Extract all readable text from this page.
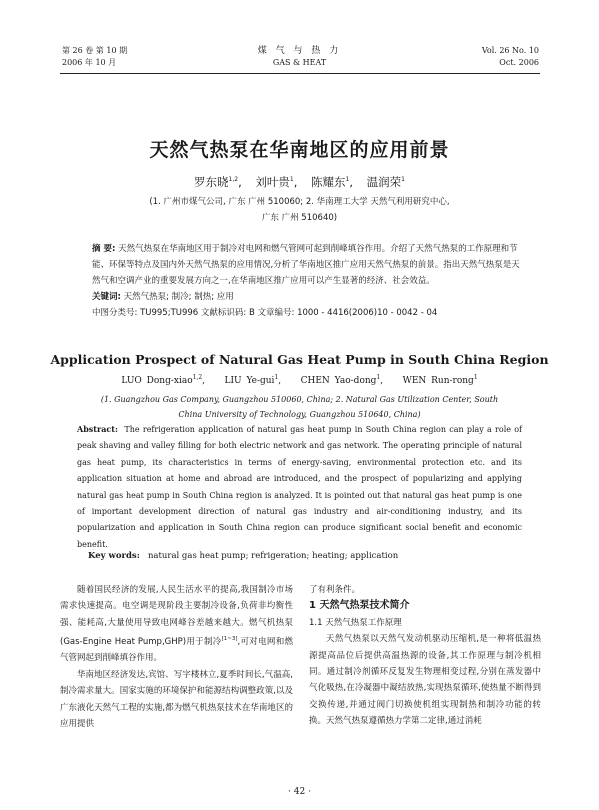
第 26 卷 第 10 期
2006 年 10 月
煤 气 与 热 力
GAS & HEAT
Vol. 26 No. 10
Oct. 2006
天然气热泵在华南地区的应用前景
罗东晓$^{1,2}$, 刘叶贵$^1$, 陈耀东$^1$, 温润荣$^1$
(1. 广州市煤气公司, 广东 广州 510060; 2. 华南理工大学 天然气利用研究中心,
广东 广州 510640)
摘 要: 天然气热泵在华南地区用于制冷对电网和燃气管网可起到削峰填谷作用。介绍了天然气热泵的工作原理和节能、环保等特点及国内外天然气热泵的应用情况,分析了华南地区推广应用天然气热泵的前景。指出天然气热泵是天然气和空调产业的重要发展方向之一,在华南地区推广应用可以产生显著的经济、社会效益。
关键词: 天然气热泵; 制冷; 制热; 应用
中图分类号: TU995;TU996 文献标识码: B 文章编号: 1000 - 4416(2006)10 - 0042 - 04
Application Prospect of Natural Gas Heat Pump in South China Region
LUO Dong-xiao$^{1,2}$,    LIU Ye-gui$^1$,    CHEN Yao-dong$^1$,    WEN Run-rong$^1$
(1. Guangzhou Gas Company, Guangzhou 510060, China; 2. Natural Gas Utilization Center, South
China University of Technology, Guangzhou 510640, China)
Abstract: The refrigeration application of natural gas heat pump in South China region can play a role of peak shaving and valley filling for both electric network and gas network. The operating principle of natural gas heat pump, its characteristics in terms of energy-saving, environmental protection etc. and its application situation at home and abroad are introduced, and the prospect of popularizing and applying natural gas heat pump in South China region is analyzed. It is pointed out that natural gas heat pump is one of important development direction of natural gas industry and air-conditioning industry, and its popularization and application in South China region can produce significant social benefit and economic benefit.
Key words: natural gas heat pump; refrigeration; heating; application

随着国民经济的发展,人民生活水平的提高,我国制冷市场需求快速提高。电空调是现阶段主要制冷设备,负荷非均衡性强、能耗高,大量使用导致电网峰谷差越来越大。燃气机热泵(Gas-Engine Heat Pump,GHP)用于制冷[1~3],可对电网和燃气管网起到削峰填谷作用。

华南地区经济发达,宾馆、写字楼林立,夏季时间长,气温高,制冷需求量大。国家实施的环境保护和能源结构调整政策,以及广东液化天然气工程的实施,都为燃气机热泵技术在华南地区的应用提供

了有利条件。

1 天然气热泵技术简介

1.1 天然气热泵工作原理

天然气热泵以天然气发动机驱动压缩机,是一种将低温热源提高品位后提供高温热源的设备,其工作原理与制冷机相同。通过制冷剂循环反复发生物理相变过程,分别在蒸发器中气化吸热,在冷凝器中凝结放热,实现热泵循环,使热量不断得到交换传递,并通过阀门切换使机组实现制热和制冷功能的转换。天然气热泵遵循热力学第二定律,通过消耗

· 42 ·
